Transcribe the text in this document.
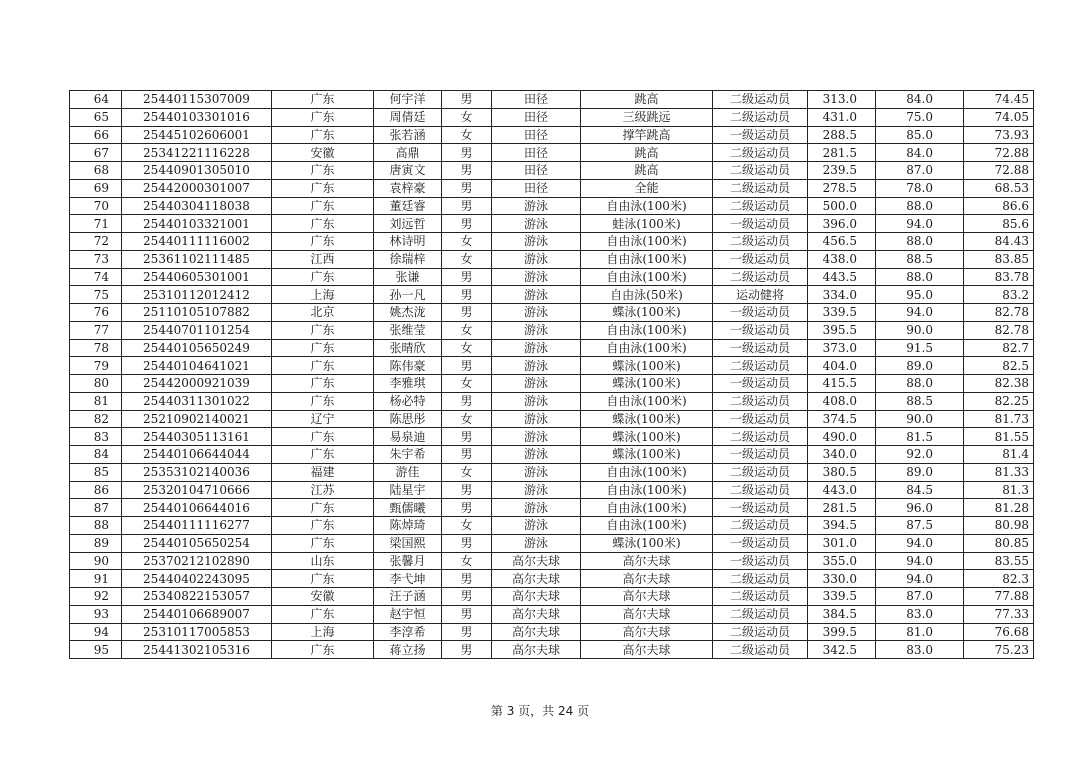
64	25440115307009	广东	何宇洋	男	田径	跳高	二级运动员	313.0	84.0	74.45
65	25440103301016	广东	周倩廷	女	田径	三级跳远	二级运动员	431.0	75.0	74.05
66	25445102606001	广东	张若涵	女	田径	撑竿跳高	一级运动员	288.5	85.0	73.93
67	25341221116228	安徽	高鼎	男	田径	跳高	二级运动员	281.5	84.0	72.88
68	25440901305010	广东	唐寅文	男	田径	跳高	二级运动员	239.5	87.0	72.88
69	25442000301007	广东	袁梓豪	男	田径	全能	二级运动员	278.5	78.0	68.53
70	25440304118038	广东	董廷睿	男	游泳	自由泳(100米)	二级运动员	500.0	88.0	86.6
71	25440103321001	广东	刘远哲	男	游泳	蛙泳(100米)	一级运动员	396.0	94.0	85.6
72	25440111116002	广东	林诗明	女	游泳	自由泳(100米)	二级运动员	456.5	88.0	84.43
73	25361102111485	江西	徐瑞梓	女	游泳	自由泳(100米)	一级运动员	438.0	88.5	83.85
74	25440605301001	广东	张谦	男	游泳	自由泳(100米)	二级运动员	443.5	88.0	83.78
75	25310112012412	上海	孙一凡	男	游泳	自由泳(50米)	运动健将	334.0	95.0	83.2
76	25110105107882	北京	姚杰泷	男	游泳	蝶泳(100米)	一级运动员	339.5	94.0	82.78
77	25440701101254	广东	张维莹	女	游泳	自由泳(100米)	一级运动员	395.5	90.0	82.78
78	25440105650249	广东	张晴欣	女	游泳	自由泳(100米)	一级运动员	373.0	91.5	82.7
79	25440104641021	广东	陈伟豪	男	游泳	蝶泳(100米)	二级运动员	404.0	89.0	82.5
80	25442000921039	广东	李雅琪	女	游泳	蝶泳(100米)	一级运动员	415.5	88.0	82.38
81	25440311301022	广东	杨必特	男	游泳	自由泳(100米)	二级运动员	408.0	88.5	82.25
82	25210902140021	辽宁	陈思彤	女	游泳	蝶泳(100米)	一级运动员	374.5	90.0	81.73
83	25440305113161	广东	易泉迪	男	游泳	蝶泳(100米)	二级运动员	490.0	81.5	81.55
84	25440106644044	广东	朱宇希	男	游泳	蝶泳(100米)	一级运动员	340.0	92.0	81.4
85	25353102140036	福建	游佳	女	游泳	自由泳(100米)	二级运动员	380.5	89.0	81.33
86	25320104710666	江苏	陆星宇	男	游泳	自由泳(100米)	二级运动员	443.0	84.5	81.3
87	25440106644016	广东	甄儒曦	男	游泳	自由泳(100米)	一级运动员	281.5	96.0	81.28
88	25440111116277	广东	陈焯琦	女	游泳	自由泳(100米)	二级运动员	394.5	87.5	80.98
89	25440105650254	广东	梁国熙	男	游泳	蝶泳(100米)	一级运动员	301.0	94.0	80.85
90	25370212102890	山东	张馨月	女	高尔夫球	高尔夫球	一级运动员	355.0	94.0	83.55
91	25440402243095	广东	李弋坤	男	高尔夫球	高尔夫球	二级运动员	330.0	94.0	82.3
92	25340822153057	安徽	汪子涵	男	高尔夫球	高尔夫球	二级运动员	339.5	87.0	77.88
93	25440106689007	广东	赵宇恒	男	高尔夫球	高尔夫球	二级运动员	384.5	83.0	77.33
94	25310117005853	上海	李淳希	男	高尔夫球	高尔夫球	二级运动员	399.5	81.0	76.68
95	25441302105316	广东	蒋立扬	男	高尔夫球	高尔夫球	二级运动员	342.5	83.0	75.23
第 3 页，共 24 页
